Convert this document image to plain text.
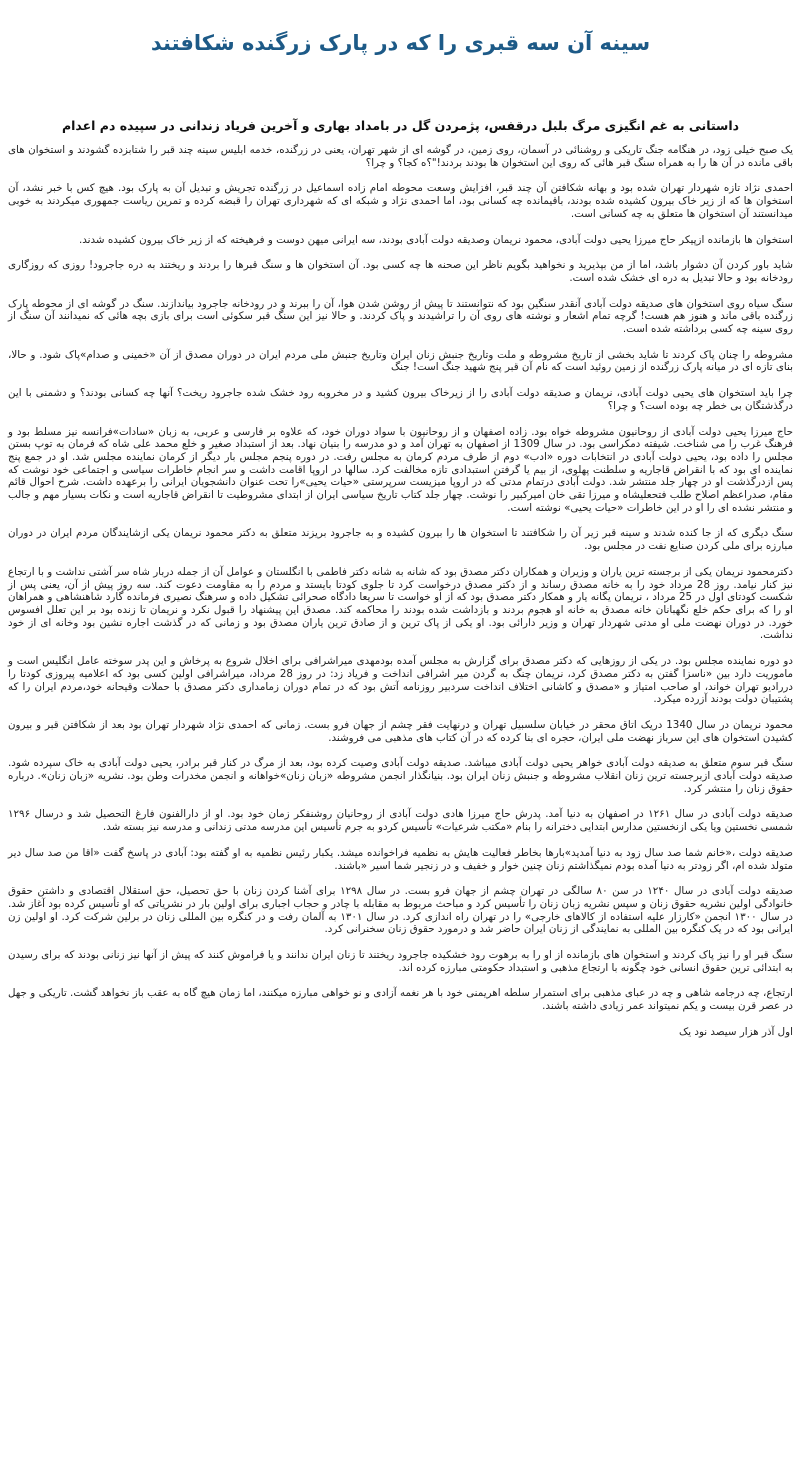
سینه آن سه قبری را که در پارک زرگنده شکافتند
داستانی به غم انگیزی مرگ بلبل درقفس، پژمردن گل در بامداد بهاری و آخرین فریاد زندانی در سپیده دم اعدام

یک صبح خیلی زود، در هنگامه جنگ تاریکی و روشنائی در آسمان، روی زمین، در گوشه ای از شهر تهران، یعنی در زرگنده، خدمه ابلیس سینه چند قبر را شتابزده گشودند و استخوان های باقی مانده در آن ها را به همراه سنگ قبر هائی که روی این استخوان ها بودند بردند!"؟ه کجا؟ و چرا؟

احمدی نژاد تازه شهردار تهران شده بود و بهانه شکافتن آن چند قبر، افزایش وسعت محوطه امام زاده اسماعیل در زرگنده تجریش و تبدیل آن به پارک بود. هیچ کس با خبر نشد، آن استخوان ها که از زیر خاک بیرون کشیده شده بودند، باقیمانده چه کسانی بود، اما احمدی نژاد و شبکه ای که شهرداری تهران را قبضه کرده و تمرین ریاست جمهوری میکردند به خوبی میدانستند آن استخوان ها متعلق به چه کسانی است.

استخوان ها بازمانده ازپیکر حاج میرزا یحیی دولت آبادی، محمود نریمان وصدیقه دولت آبادی بودند، سه ایرانی میهن دوست و فرهیخته که از زیر خاک بیرون کشیده شدند.

شاید باور کردن آن دشوار باشد، اما از من بپذیرید و نخواهید بگویم ناظر این صحنه ها چه کسی بود. آن استخوان ها و سنگ قبرها را بردند و ریختند به دره جاجرود! روزی که روزگاری رودخانه بود و حالا تبدیل به دره ای خشک شده است.

سنگ سیاه روی استخوان های صدیقه دولت آبادی آنقدر سنگین بود که نتوانستند تا پیش از روشن شدن هوا، آن را ببرند و در رودخانه جاجرود بیاندازند. سنگ در گوشه ای از محوطه پارک زرگنده باقی ماند و هنوز هم هست! گرچه تمام اشعار و نوشته های روی آن را تراشیدند و پاک کردند. و حالا نیز این سنگ قبر سکوئی است برای بازی بچه هائی که نمیدانند آن سنگ از روی سینه چه کسی برداشته شده است.

مشروطه را چنان پاک کردند تا شاید بخشی از تاریخ مشروطه و ملت وتاریخ جنبش زنان ایران وتاریخ جنبش ملی مردم ایران در دوران مصدق از آن «خمینی و صدام»پاک شود. و حالا، بنای تازه ای در میانه پارک زرگنده از زمین روئید است که نام آن قبر پنج شهید جنگ است! جنگ

چرا باید استخوان های یحیی دولت آبادی، نریمان و صدیقه دولت آبادی را از زیرخاک بیرون کشید و در مخروبه رود خشک شده جاجرود ریخت؟ آنها چه کسانی بودند؟ و دشمنی با این درگذشتگان بی خطر چه بوده است؟ و چرا؟

حاج میرزا یحیی دولت آبادی از روحانیون مشروطه خواه بود. زاده اصفهان و از روحانیون با سواد دوران خود، که علاوه بر فارسی و عربی، به زبان «سادات»فرانسه نیز مسلط بود و فرهنگ غرب را می شناخت. شیفته دمکراسی بود. در سال 1309 از اصفهان به تهران آمد و دو مدرسه را بنیان نهاد. بعد از استبداد صغیر و خلع محمد علی شاه که فرمان به توپ بستن مجلس را داده بود، یحیی دولت آبادی در انتخابات دوره «ادب» دوم از طرف مردم کرمان به مجلس رفت. در دوره پنجم مجلس بار دیگر از کرمان نماینده مجلس شد. او در جمع پنج نماینده ای بود که با انقراض قاجاریه و سلطنت پهلوی، از بیم یا گرفتن استبدادی تازه مخالفت کرد. سالها در اروپا اقامت داشت و سر انجام خاطرات سیاسی و اجتماعی خود نوشت که پس ازدرگذشت او در چهار جلد منتشر شد. دولت آبادی درتمام مدتی که در اروپا میزیست سرپرستی «حیات یحیی»را تحت عنوان دانشجویان ایرانی را برعهده داشت. شرح احوال قائم مقام، صدراعظم اصلاح طلب فتحعلیشاه و میرزا تقی خان امیرکبیر را نوشت. چهار جلد کتاب تاریخ سیاسی ایران از ابتدای مشروطیت تا انقراض قاجاریه است و نکات بسیار مهم و جالب و منتشر نشده ای را او در این خاطرات «حیات یحیی» نوشته است.

سنگ دیگری که از جا کنده شدند و سینه قبر زیر آن را شکافتند تا استخوان ها را بیرون کشیده و به جاجرود بریزند متعلق به دکتر محمود نریمان یکی ازشایندگان مردم ایران در دوران مبارزه برای ملی کردن صنایع نفت در مجلس بود.

دکترمحمود نریمان یکی از برجسته ترین یاران و وزیران و همکاران دکتر مصدق بود که شانه به شانه دکتر فاطمی با انگلستان و عوامل آن از جمله دربار شاه سر آشتی نداشت و با ارتجاع نیز کنار نیامد. روز 28 مرداد خود را به خانه مصدق رساند و از دکتر مصدق درخواست کرد تا جلوی کودتا بایستد و مردم را به مقاومت دعوت کند. سه روز پیش از آن، یعنی پس از شکست کودتای اول در 25 مرداد ، نریمان یگانه یار و همکار دکتر مصدق بود که از او خواست تا سریعا دادگاه صحرائی تشکیل داده و سرهنگ نصیری فرمانده گارد شاهنشاهی و همراهان او را که برای حکم خلع نگهبانان خانه مصدق به خانه او هجوم بردند و بازداشت شده بودند را محاکمه کند. مصدق این پیشنهاد را قبول نکرد و نریمان تا زنده بود بر این تعلل افسوس خورد. در دوران نهضت ملی او مدتی شهردار تهران و وزیر دارائی بود. او یکی از پاک ترین و از صادق ترین یاران مصدق بود و زمانی که در گذشت اجاره نشین بود وخانه ای از خود نداشت.

دو دوره نماینده مجلس بود. در یکی از روزهایی که دکتر مصدق برای گزارش به مجلس آمده بودمهدی میراشرافی برای اخلال شروع به پرخاش و این پدر سوخته عامل انگلیس است و ماموریت دارد بین «ناسزا گفتن به دکتر مصدق کرد، نریمان چنگ به گردن میر اشرافی انداخت و فریاد زد: در روز 28 مرداد، میراشرافی اولین کسی بود که اعلامیه پیروزی کودتا را دررادیو تهران خواند، او صاحب امتیاز و «مصدق و کاشانی اختلاف انداخت سردبیر روزنامه آتش بود که در تمام دوران زمامداری دکتر مصدق با حملات وقیحانه خود،مردم ایران را که پشتیبان دولت بودند آزرده میکرد.

محمود نریمان در سال 1340 دریک اتاق محقر در خیابان سلسبیل تهران و درنهایت فقر چشم از جهان فرو بست. زمانی که احمدی نژاد شهردار تهران بود بعد از شکافتن قبر و بیرون کشیدن استخوان های این سرباز نهضت ملی ایران، حجره ای بنا کرده که در آن کتاب های مذهبی می فروشند.

سنگ قبر سوم متعلق به صدیقه دولت آبادی خواهر یحیی دولت آبادی میباشد. صدیقه دولت آبادی وصیت کرده بود، بعد از مرگ در کنار قبر برادر، یحیی دولت آبادی به خاک سپرده شود. صدیقه دولت آبادی ازبرجسته ترین زنان انقلاب مشروطه و جنبش زنان ایران بود. بنیانگذار انجمن مشروطه «زبان زنان»خواهانه و انجمن مخدرات وطن بود. نشریه «زبان زنان». درباره حقوق زنان را منتشر کرد.

صدیقه دولت آبادی در سال ۱۲۶۱ در اصفهان به دنیا آمد. پدرش حاج میرزا هادی دولت آبادی از روحانیان روشنفکر زمان خود بود. او از دارالفنون فارغ التحصیل شد و درسال ۱۲۹۶ شمسی نخستین ویا یکی ازنخستین مدارس ابتدایی دخترانه را بنام «مکتب شرعیات» تأسیس کردو به جرم تأسیس این مدرسه مدتی زندانی و مدرسه نیز بسته شد.

صدیقه دولت ،«خانم شما صد سال زود به دنیا آمدید»بارها بخاطر فعالیت هایش به نظمیه فراخوانده میشد. یکبار رئیس نظمیه به او گفته بود: آبادی در پاسخ گفت «اقا من صد سال دیر متولد شده ام، اگر زودتر به دنیا آمده بودم نمیگذاشتم زنان چنین خوار و خفیف و در زنجیر شما اسیر «باشند.

صدیقه دولت آبادی در سال ۱۲۴۰ در سن ۸۰ سالگی در تهران چشم از جهان فرو بست. در سال ۱۲۹۸ برای آشنا کردن زنان با حق تحصیل، حق استقلال اقتصادی و داشتن حقوق خانوادگی اولین نشریه حقوق زنان و سپس نشریه زبان زنان را تأسیس کرد و مباحث مربوط به مقابله با چادر و حجاب اجباری برای اولین بار در نشریاتی که او تأسیس کرده بود آغاز شد. در سال ۱۳۰۰ انجمن «کارزار علیه استفاده از کالاهای خارجی» را در تهران راه اندازی کرد. در سال ۱۳۰۱ به آلمان رفت و در کنگره بین المللی زنان در برلین شرکت کرد. او اولین زن ایرانی بود که در یک کنگره بین المللی به نمایندگی از زنان ایران حاضر شد و درمورد حقوق زنان سخنرانی کرد.

سنگ قبر او را نیز پاک کردند و استخوان های بازمانده از او را به برهوت رود خشکیده جاجرود ریختند تا زنان ایران ندانند و یا فراموش کنند که پیش از آنها نیز زنانی بودند که برای رسیدن به ابتدائی ترین حقوق انسانی خود چگونه با ارتجاع مذهبی و استبداد حکومتی مبارزه کرده اند.

ارتجاع، چه درجامه شاهی و چه در عبای مذهبی برای استمرار سلطه اهریمنی خود با هر نغمه آزادی و نو خواهی مبارزه میکنند، اما زمان هیچ گاه به عقب باز نخواهد گشت. تاریکی و جهل در عصر قرن بیست و یکم نمیتواند عمر زیادی داشته باشند.

اول آذر هزار سیصد نود یک
